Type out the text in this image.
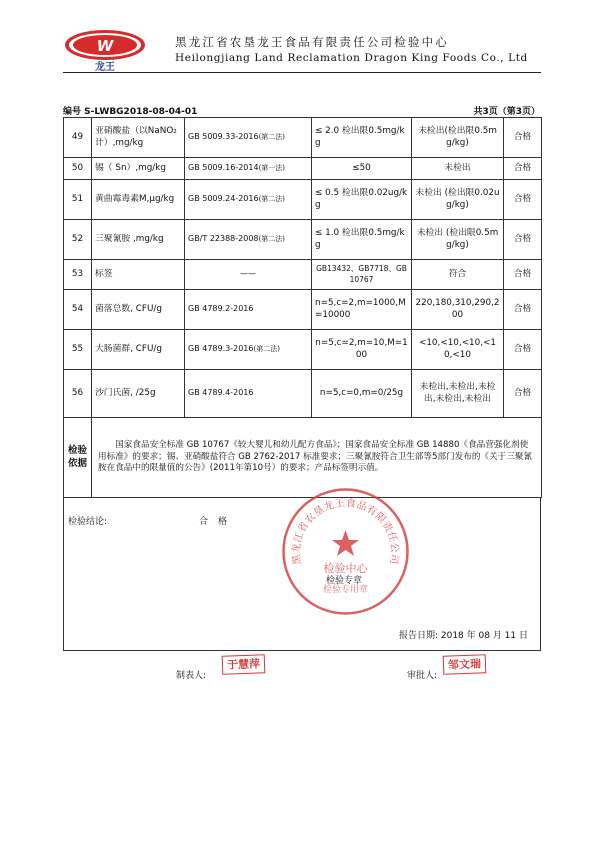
W
龙王
黑龙江省农垦龙王食品有限责任公司检验中心
Heilongjiang Land Reclamation Dragon King Foods Co., Ltd
编号 S-LWBG2018-08-04-01	共3页（第3页）
49	亚硝酸盐（以NaNO₂计）,mg/kg	GB 5009.33-2016(第二法)	≤ 2.0 检出限0.5mg/kg	未检出(检出限0.5mg/kg)	合格
50	锡（ Sn）,mg/kg	GB 5009.16-2014(第一法)	≤50	未检出	合格
51	黄曲霉毒素M,μg/kg	GB 5009.24-2016(第二法)	≤ 0.5 检出限0.02ug/kg	未检出 (检出限0.02ug/kg)	合格
52	三聚氰胺 ,mg/kg	GB/T 22388-2008(第二法)	≤ 1.0 检出限0.5mg/kg	未检出 (检出限0.5mg/kg)	合格
53	标签	——	GB13432、GB7718、GB10767	符合	合格
54	菌落总数, CFU/g	GB 4789.2-2016	n=5,c=2,m=1000,M=10000	220,180,310,290,200	合格
55	大肠菌群, CFU/g	GB 4789.3-2016(第二法)	n=5,c=2,m=10,M=100	<10,<10,<10,<10,<10	合格
56	沙门氏菌, /25g	GB 4789.4-2016	n=5,c=0,m=0/25g	未检出,未检出,未检出,未检出,未检出	合格
检验依据	国家食品安全标准 GB 10767《较大婴儿和幼儿配方食品》；国家食品安全标准 GB 14880《食品营强化剂使用标准》的要求；锡、亚硝酸盐符合 GB 2762-2017 标准要求；三聚氰胺符合卫生部等5部门发布的《关于三聚氰胺在食品中的限量值的公告》(2011年第10号）的要求；产品标签明示值。				
检验结论:	合格
报告日期: 2018 年 08 月 11 日
黑龙江省农垦龙王食品有限责任公司
检验中心
检验专用章
检验专章
制表人:
于慧萍
审批人:
邹文瑞
